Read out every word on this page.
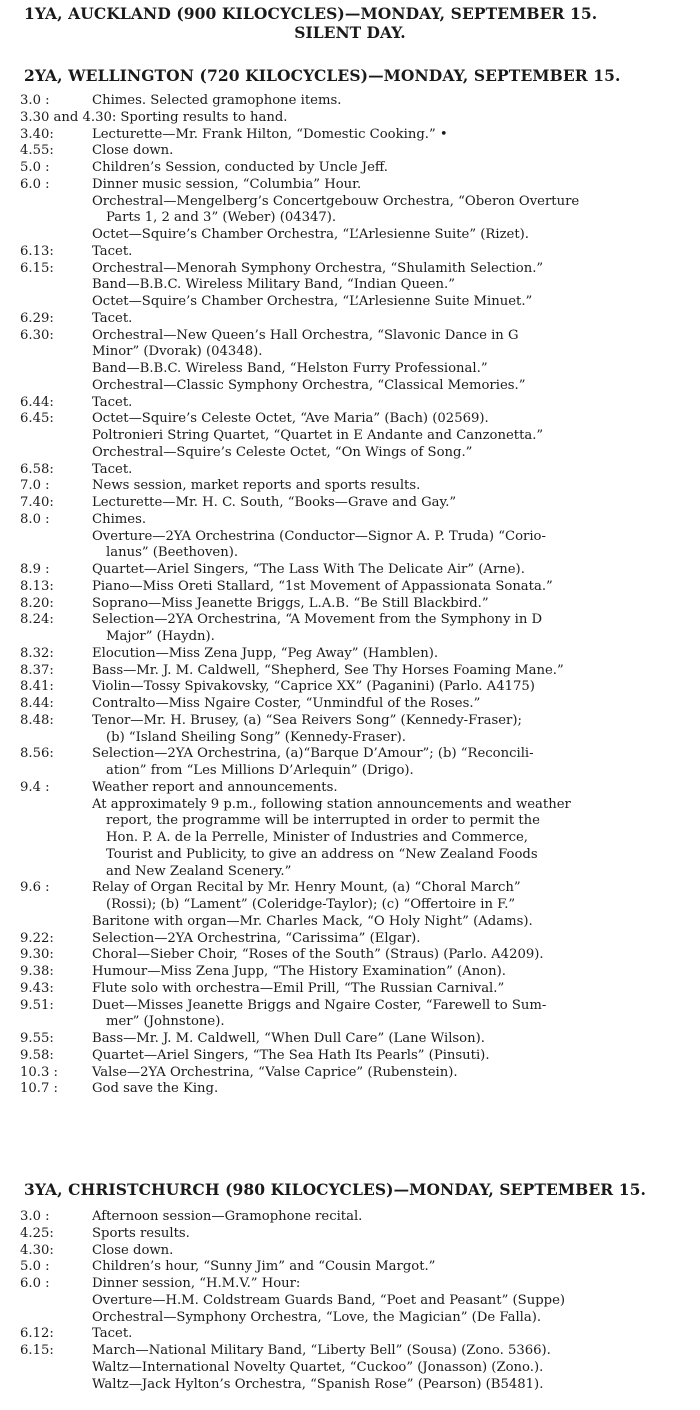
1YA, AUCKLAND (900 KILOCYCLES)—MONDAY, SEPTEMBER 15.
SILENT DAY.
2YA, WELLINGTON (720 KILOCYCLES)—MONDAY, SEPTEMBER 15.
3.0 :	Chimes. Selected gramophone items.
3.30 and 4.30: Sporting results to hand.
3.40:	Lecturette—Mr. Frank Hilton, “Domestic Cooking.” •
4.55:	Close down.
5.0 :	Children’s Session, conducted by Uncle Jeff.
6.0 :	Dinner music session, “Columbia” Hour.
Orchestral—Mengelberg’s Concertgebouw Orchestra, “Oberon Overture
Parts 1, 2 and 3” (Weber) (04347).
Octet—Squire’s Chamber Orchestra, “L’Arlesienne Suite” (Rizet).
6.13:	Tacet.
6.15:	Orchestral—Menorah Symphony Orchestra, “Shulamith Selection.”
Band—B.B.C. Wireless Military Band, “Indian Queen.”
Octet—Squire’s Chamber Orchestra, “L’Arlesienne Suite Minuet.”
6.29:	Tacet.
6.30:	Orchestral—New Queen’s Hall Orchestra, “Slavonic Dance in G
Minor” (Dvorak) (04348).
Band—B.B.C. Wireless Band, “Helston Furry Professional.”
Orchestral—Classic Symphony Orchestra, “Classical Memories.”
6.44:	Tacet.
6.45:	Octet—Squire’s Celeste Octet, “Ave Maria” (Bach) (02569).
Poltronieri String Quartet, “Quartet in E Andante and Canzonetta.”
Orchestral—Squire’s Celeste Octet, “On Wings of Song.”
6.58:	Tacet.
7.0 :	News session, market reports and sports results.
7.40:	Lecturette—Mr. H. C. South, “Books—Grave and Gay.”
8.0 :	Chimes.
Overture—2YA Orchestrina (Conductor—Signor A. P. Truda) “Corio-
lanus” (Beethoven).
8.9 :	Quartet—Ariel Singers, “The Lass With The Delicate Air” (Arne).
8.13:	Piano—Miss Oreti Stallard, “1st Movement of Appassionata Sonata.”
8.20:	Soprano—Miss Jeanette Briggs, L.A.B. “Be Still Blackbird.”
8.24:	Selection—2YA Orchestrina, “A Movement from the Symphony in D
Major” (Haydn).
8.32:	Elocution—Miss Zena Jupp, “Peg Away” (Hamblen).
8.37:	Bass—Mr. J. M. Caldwell, “Shepherd, See Thy Horses Foaming Mane.”
8.41:	Violin—Tossy Spivakovsky, “Caprice XX” (Paganini) (Parlo. A4175)
8.44:	Contralto—Miss Ngaire Coster, “Unmindful of the Roses.”
8.48:	Tenor—Mr. H. Brusey, (a) “Sea Reivers Song” (Kennedy-Fraser);
(b) “Island Sheiling Song” (Kennedy-Fraser).
8.56:	Selection—2YA Orchestrina, (a)“Barque D’Amour”; (b) “Reconcili-
ation” from “Les Millions D’Arlequin” (Drigo).
9.4 :	Weather report and announcements.
At approximately 9 p.m., following station announcements and weather
report, the programme will be interrupted in order to permit the
Hon. P. A. de la Perrelle, Minister of Industries and Commerce,
Tourist and Publicity, to give an address on “New Zealand Foods
and New Zealand Scenery.”
9.6 :	Relay of Organ Recital by Mr. Henry Mount, (a) “Choral March”
(Rossi); (b) “Lament” (Coleridge-Taylor); (c) “Offertoire in F.”
Baritone with organ—Mr. Charles Mack, “O Holy Night” (Adams).
9.22:	Selection—2YA Orchestrina, “Carissima” (Elgar).
9.30:	Choral—Sieber Choir, “Roses of the South” (Straus) (Parlo. A4209).
9.38:	Humour—Miss Zena Jupp, “The History Examination” (Anon).
9.43:	Flute solo with orchestra—Emil Prill, “The Russian Carnival.”
9.51:	Duet—Misses Jeanette Briggs and Ngaire Coster, “Farewell to Sum-
mer” (Johnstone).
9.55:	Bass—Mr. J. M. Caldwell, “When Dull Care” (Lane Wilson).
9.58:	Quartet—Ariel Singers, “The Sea Hath Its Pearls” (Pinsuti).
10.3 :	Valse—2YA Orchestrina, “Valse Caprice” (Rubenstein).
10.7 :	God save the King.
3YA, CHRISTCHURCH (980 KILOCYCLES)—MONDAY, SEPTEMBER 15.
3.0 :	Afternoon session—Gramophone recital.
4.25:	Sports results.
4.30:	Close down.
5.0 :	Children’s hour, “Sunny Jim” and “Cousin Margot.”
6.0 :	Dinner session, “H.M.V.” Hour:
Overture—H.M. Coldstream Guards Band, “Poet and Peasant” (Suppe)
Orchestral—Symphony Orchestra, “Love, the Magician” (De Falla).
6.12:	Tacet.
6.15:	March—National Military Band, “Liberty Bell” (Sousa) (Zono. 5366).
Waltz—International Novelty Quartet, “Cuckoo” (Jonasson) (Zono.).
Waltz—Jack Hylton’s Orchestra, “Spanish Rose” (Pearson) (B5481).
